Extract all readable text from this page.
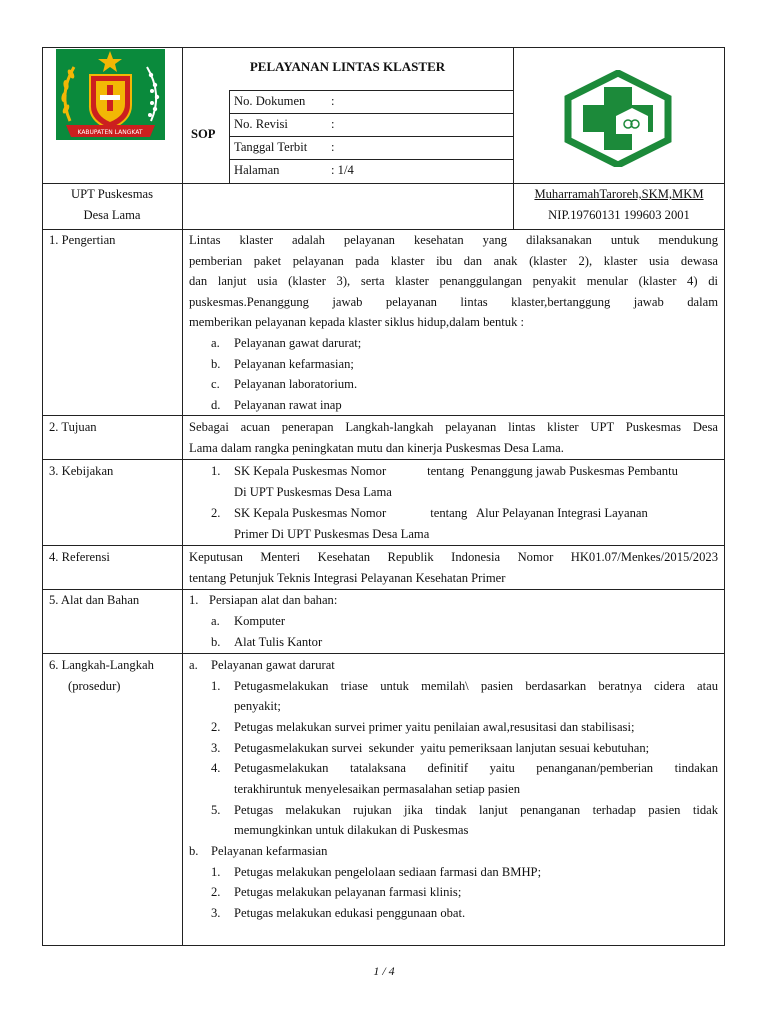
KABUPATEN LANGKAT
PELAYANAN LINTAS KLASTER
SOP
No. Dokumen :
No. Revisi	:
Tanggal Terbit :
Halaman	: 1/4
UPT Puskesmas
Desa Lama
MuharramahTaroreh,SKM,MKM
NIP.19760131 199603 2001
1. Pengertian	Lintas klaster adalah pelayanan kesehatan yang dilaksanakan untuk mendukung
pemberian paket pelayanan pada klaster ibu dan anak (klaster 2), klaster usia dewasa
dan lanjut usia (klaster 3), serta klaster penanggulangan penyakit menular (klaster 4) di
puskesmas.Penanggung jawab pelayanan lintas klaster,bertanggung jawab dalam
memberikan pelayanan kepada klaster siklus hidup,dalam bentuk :
a. Pelayanan gawat darurat;
b. Pelayanan kefarmasian;
c. Pelayanan laboratorium.
d. Pelayanan rawat inap
2. Tujuan	Sebagai acuan penerapan Langkah-langkah pelayanan lintas klister UPT Puskesmas Desa
Lama dalam rangka peningkatan mutu dan kinerja Puskesmas Desa Lama.
3. Kebijakan	1. SK Kepala Puskesmas Nomor             tentang  Penanggung jawab Puskesmas Pembantu
Di UPT Puskesmas Desa Lama
2. SK Kepala Puskesmas Nomor              tentang   Alur Pelayanan Integrasi Layanan
Primer Di UPT Puskesmas Desa Lama
4. Referensi	Keputusan Menteri Kesehatan Republik Indonesia Nomor HK01.07/Menkes/2015/2023
tentang Petunjuk Teknis Integrasi Pelayanan Kesehatan Primer
5. Alat dan Bahan	1. Persiapan alat dan bahan:
a. Komputer
b. Alat Tulis Kantor
6. Langkah-Langkah
(prosedur)
a. Pelayanan gawat darurat
1. Petugasmelakukan triase untuk memilah\ pasien berdasarkan beratnya cidera atau
penyakit;
2. Petugas melakukan survei primer yaitu penilaian awal,resusitasi dan stabilisasi;
3. Petugasmelakukan survei  sekunder  yaitu pemeriksaan lanjutan sesuai kebutuhan;
4. Petugasmelakukan tatalaksana definitif yaitu penanganan/pemberian tindakan
terakhiruntuk menyelesaikan permasalahan setiap pasien
5. Petugas melakukan rujukan jika tindak lanjut penanganan terhadap pasien tidak
memungkinkan untuk dilakukan di Puskesmas
b. Pelayanan kefarmasian
1. Petugas melakukan pengelolaan sediaan farmasi dan BMHP;
2. Petugas melakukan pelayanan farmasi klinis;
3. Petugas melakukan edukasi penggunaan obat.
1 / 4
